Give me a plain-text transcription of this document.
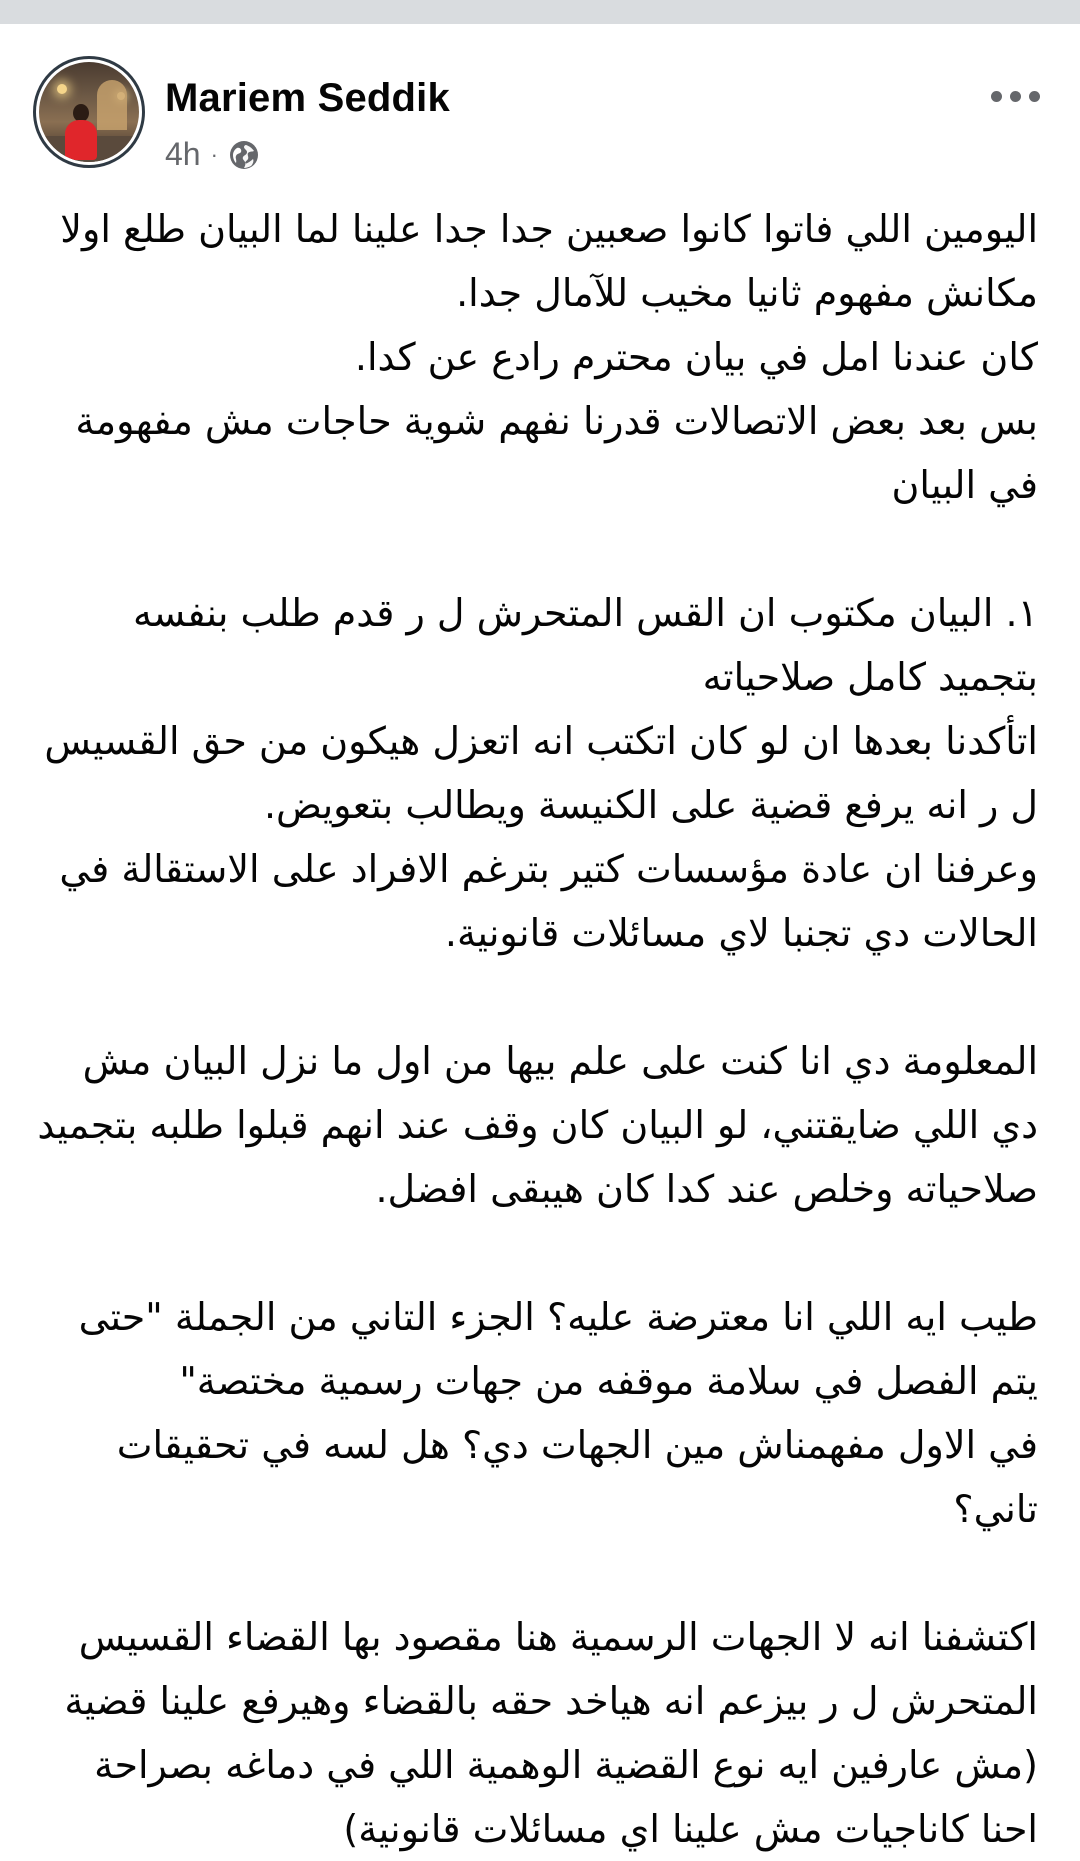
Mariem Seddik
4h ·

اليومين اللي فاتوا كانوا صعبين جدا جدا علينا لما البيان طلع اولا مكانش مفهوم ثانيا مخيب للآمال جدا.

كان عندنا امل في بيان محترم رادع عن كدا.

بس بعد بعض الاتصالات قدرنا نفهم شوية حاجات مش مفهومة في البيان

١. البيان مكتوب ان القس المتحرش ل ر قدم طلب بنفسه بتجميد كامل صلاحياته

اتأكدنا بعدها ان لو كان اتكتب انه اتعزل هيكون من حق القسيس ل ر انه يرفع قضية على الكنيسة ويطالب بتعويض.

وعرفنا ان عادة مؤسسات كتير بترغم الافراد على الاستقالة في الحالات دي تجنبا لاي مسائلات قانونية.

المعلومة دي انا كنت على علم بيها من اول ما نزل البيان مش دي اللي ضايقتني، لو البيان كان وقف عند انهم قبلوا طلبه بتجميد صلاحياته وخلص عند كدا كان هيبقى افضل.

طيب ايه اللي انا معترضة عليه؟ الجزء التاني من الجملة "حتى يتم الفصل في سلامة موقفه من جهات رسمية مختصة"

في الاول مفهمناش مين الجهات دي؟ هل لسه في تحقيقات تاني؟

اكتشفنا انه لا الجهات الرسمية هنا مقصود بها القضاء القسيس المتحرش ل ر بيزعم انه هياخد حقه بالقضاء وهيرفع علينا قضية (مش عارفين ايه نوع القضية الوهمية اللي في دماغه بصراحة احنا كاناجيات مش علينا اي مسائلات قانونية)
